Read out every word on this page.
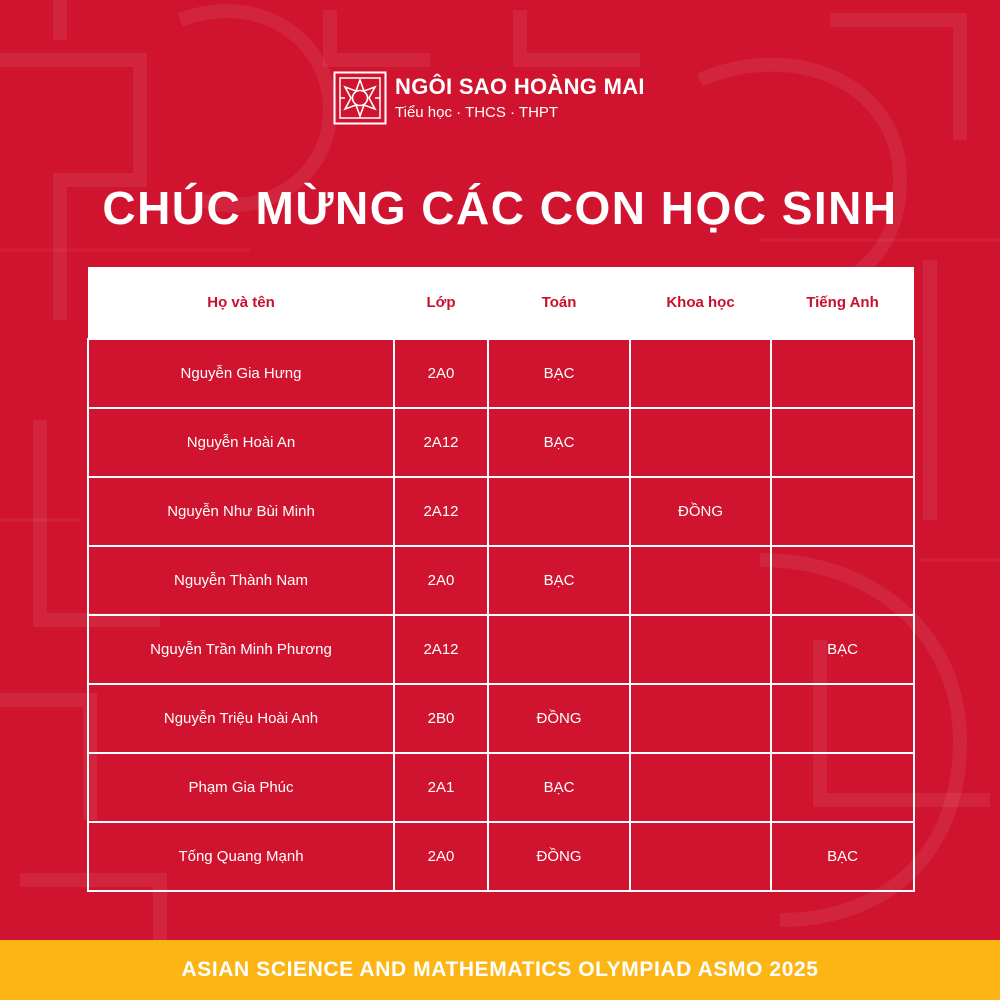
NGÔI SAO HOÀNG MAI
Tiểu học · THCS · THPT
CHÚC MỪNG CÁC CON HỌC SINH
Họ và tên	Lớp	Toán	Khoa học	Tiếng Anh
Nguyễn Gia Hưng	2A0	BẠC		
Nguyễn Hoài An	2A12	BẠC		
Nguyễn Như Bùi Minh	2A12		ĐỒNG	
Nguyễn Thành Nam	2A0	BẠC		
Nguyễn Trần Minh Phương	2A12			BẠC
Nguyễn Triệu Hoài Anh	2B0	ĐỒNG		
Phạm Gia Phúc	2A1	BẠC		
Tống Quang Mạnh	2A0	ĐỒNG		BẠC
ASIAN SCIENCE AND MATHEMATICS OLYMPIAD ASMO 2025
